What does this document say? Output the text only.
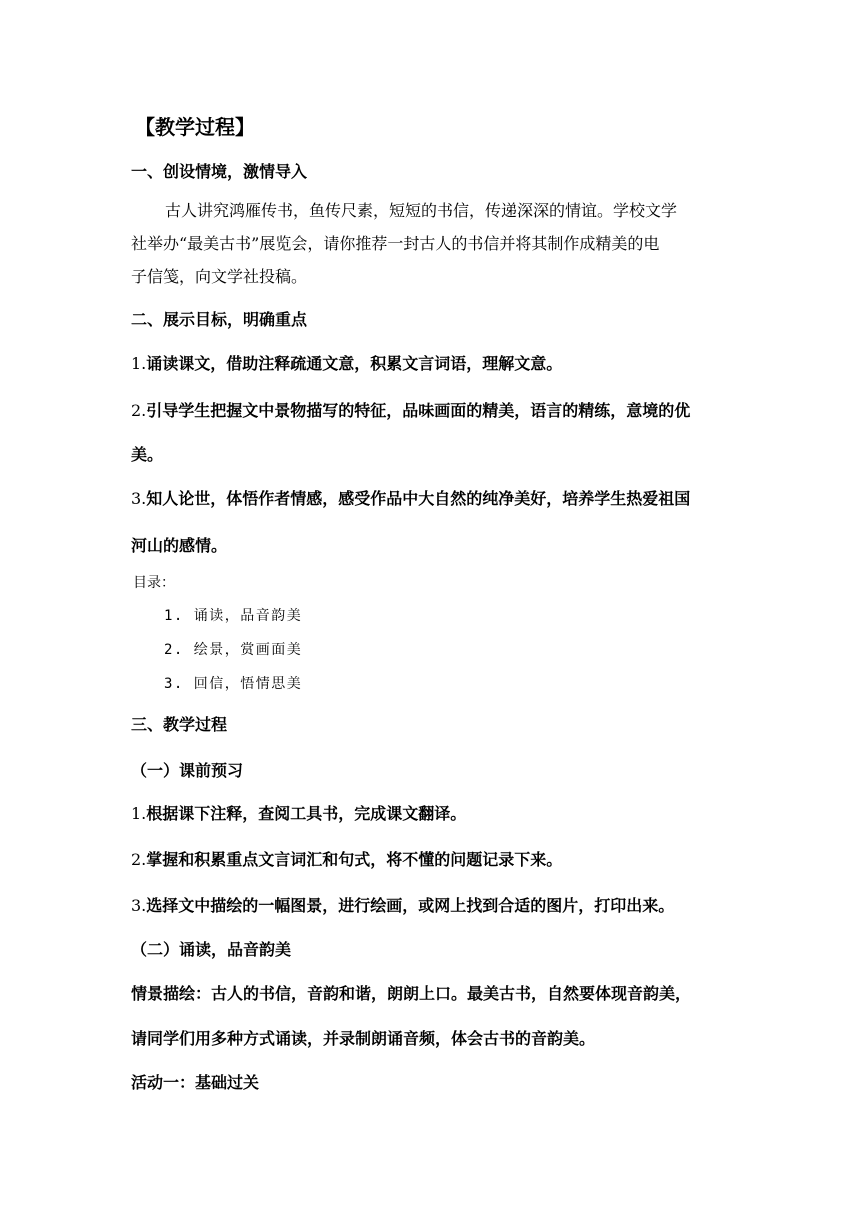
【教学过程】
一、创设情境，激情导入
古人讲究鸿雁传书，鱼传尺素，短短的书信，传递深深的情谊。学校文学
社举办“最美古书”展览会，请你推荐一封古人的书信并将其制作成精美的电
子信笺，向文学社投稿。
二、展示目标，明确重点
1.诵读课文，借助注释疏通文意，积累文言词语，理解文意。
2.引导学生把握文中景物描写的特征，品味画面的精美，语言的精练，意境的优
美。
3.知人论世，体悟作者情感，感受作品中大自然的纯净美好，培养学生热爱祖国
河山的感情。
目录：
1. 诵读，品音韵美
2. 绘景，赏画面美
3. 回信，悟情思美
三、教学过程
（一）课前预习
1.根据课下注释，查阅工具书，完成课文翻译。
2.掌握和积累重点文言词汇和句式，将不懂的问题记录下来。
3.选择文中描绘的一幅图景，进行绘画，或网上找到合适的图片，打印出来。
（二）诵读，品音韵美
情景描绘：古人的书信，音韵和谐，朗朗上口。最美古书，自然要体现音韵美，
请同学们用多种方式诵读，并录制朗诵音频，体会古书的音韵美。
活动一：基础过关
